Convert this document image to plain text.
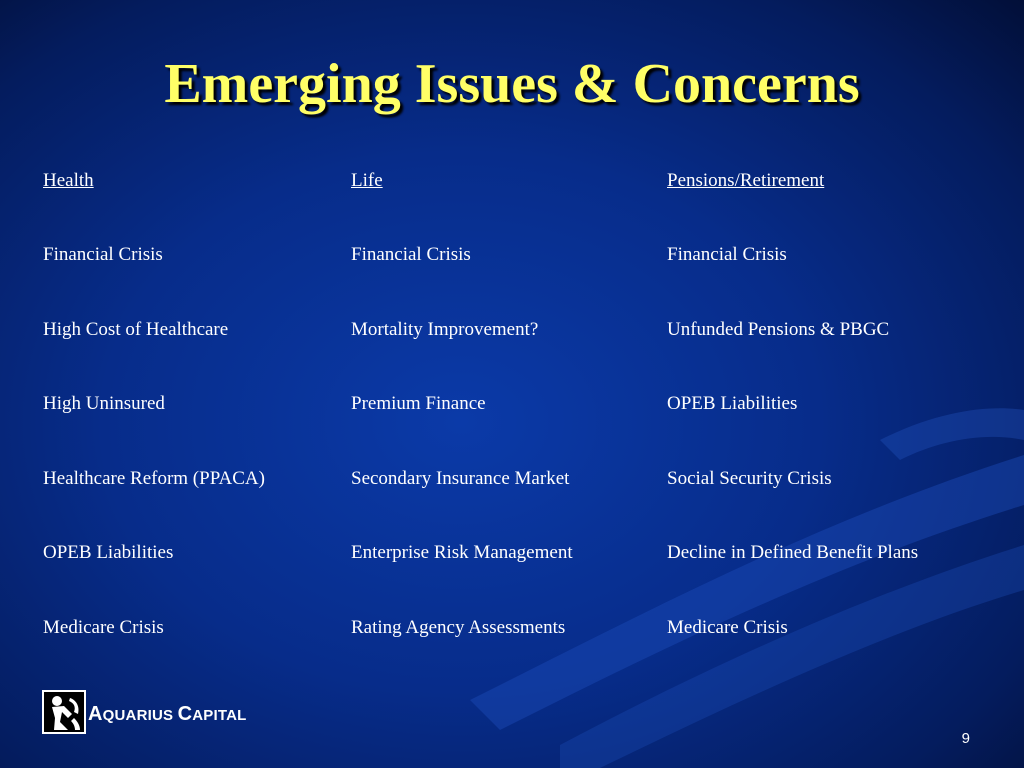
Emerging Issues & Concerns
Health
Financial Crisis
High Cost of Healthcare
High Uninsured
Healthcare Reform (PPACA)
OPEB Liabilities
Medicare Crisis
Life
Financial Crisis
Mortality Improvement?
Premium Finance
Secondary Insurance Market
Enterprise Risk Management
Rating Agency Assessments
Pensions/Retirement
Financial Crisis
Unfunded Pensions & PBGC
OPEB Liabilities
Social Security Crisis
Decline in Defined Benefit Plans
Medicare Crisis
AQUARIUS CAPITAL
9
